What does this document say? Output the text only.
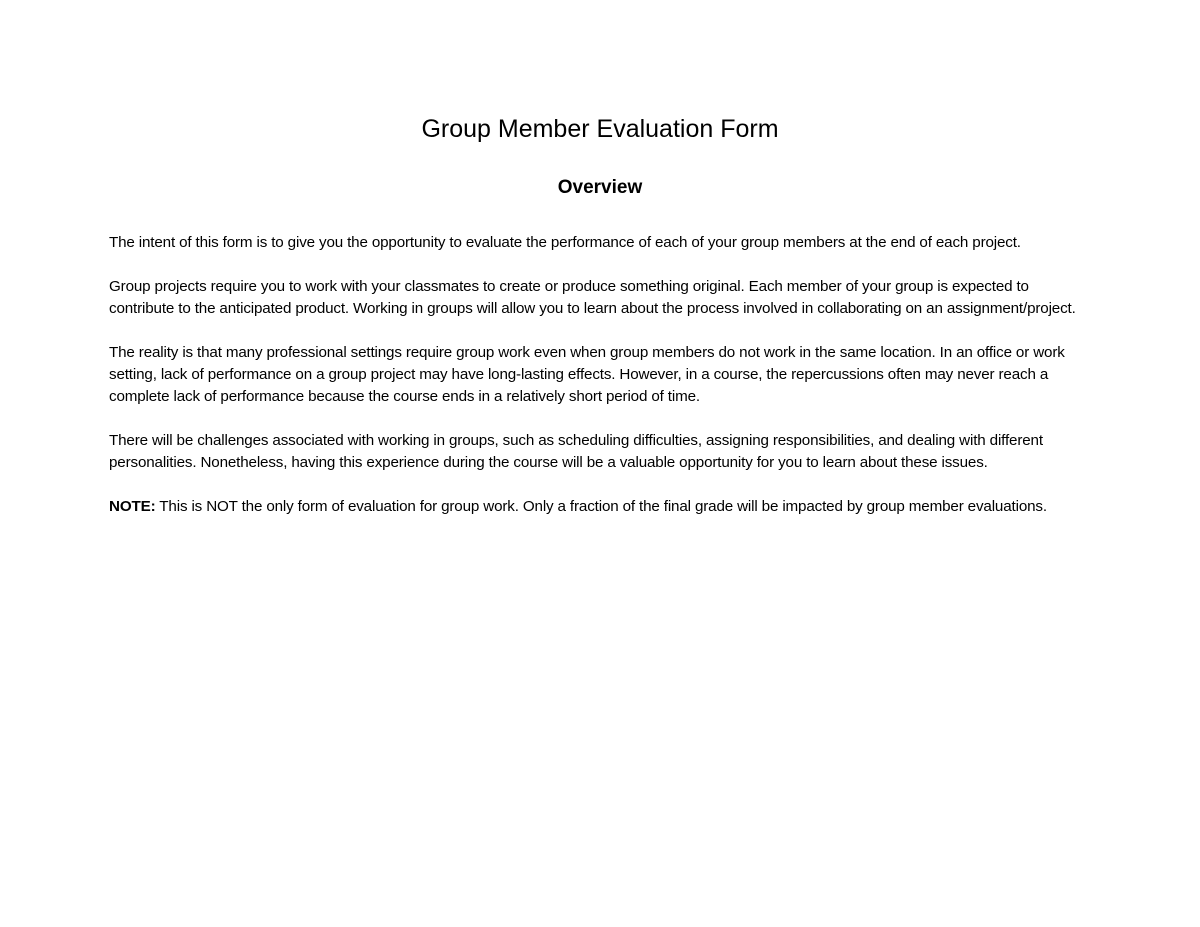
Group Member Evaluation Form
Overview

The intent of this form is to give you the opportunity to evaluate the performance of each of your group members at the end of each project.

Group projects require you to work with your classmates to create or produce something original. Each member of your group is expected to contribute to the anticipated product. Working in groups will allow you to learn about the process involved in collaborating on an assignment/project.

The reality is that many professional settings require group work even when group members do not work in the same location. In an office or work setting, lack of performance on a group project may have long-lasting effects. However, in a course, the repercussions often may never reach a complete lack of performance because the course ends in a relatively short period of time.

There will be challenges associated with working in groups, such as scheduling difficulties, assigning responsibilities, and dealing with different personalities. Nonetheless, having this experience during the course will be a valuable opportunity for you to learn about these issues.

NOTE: This is NOT the only form of evaluation for group work. Only a fraction of the final grade will be impacted by group member evaluations.
